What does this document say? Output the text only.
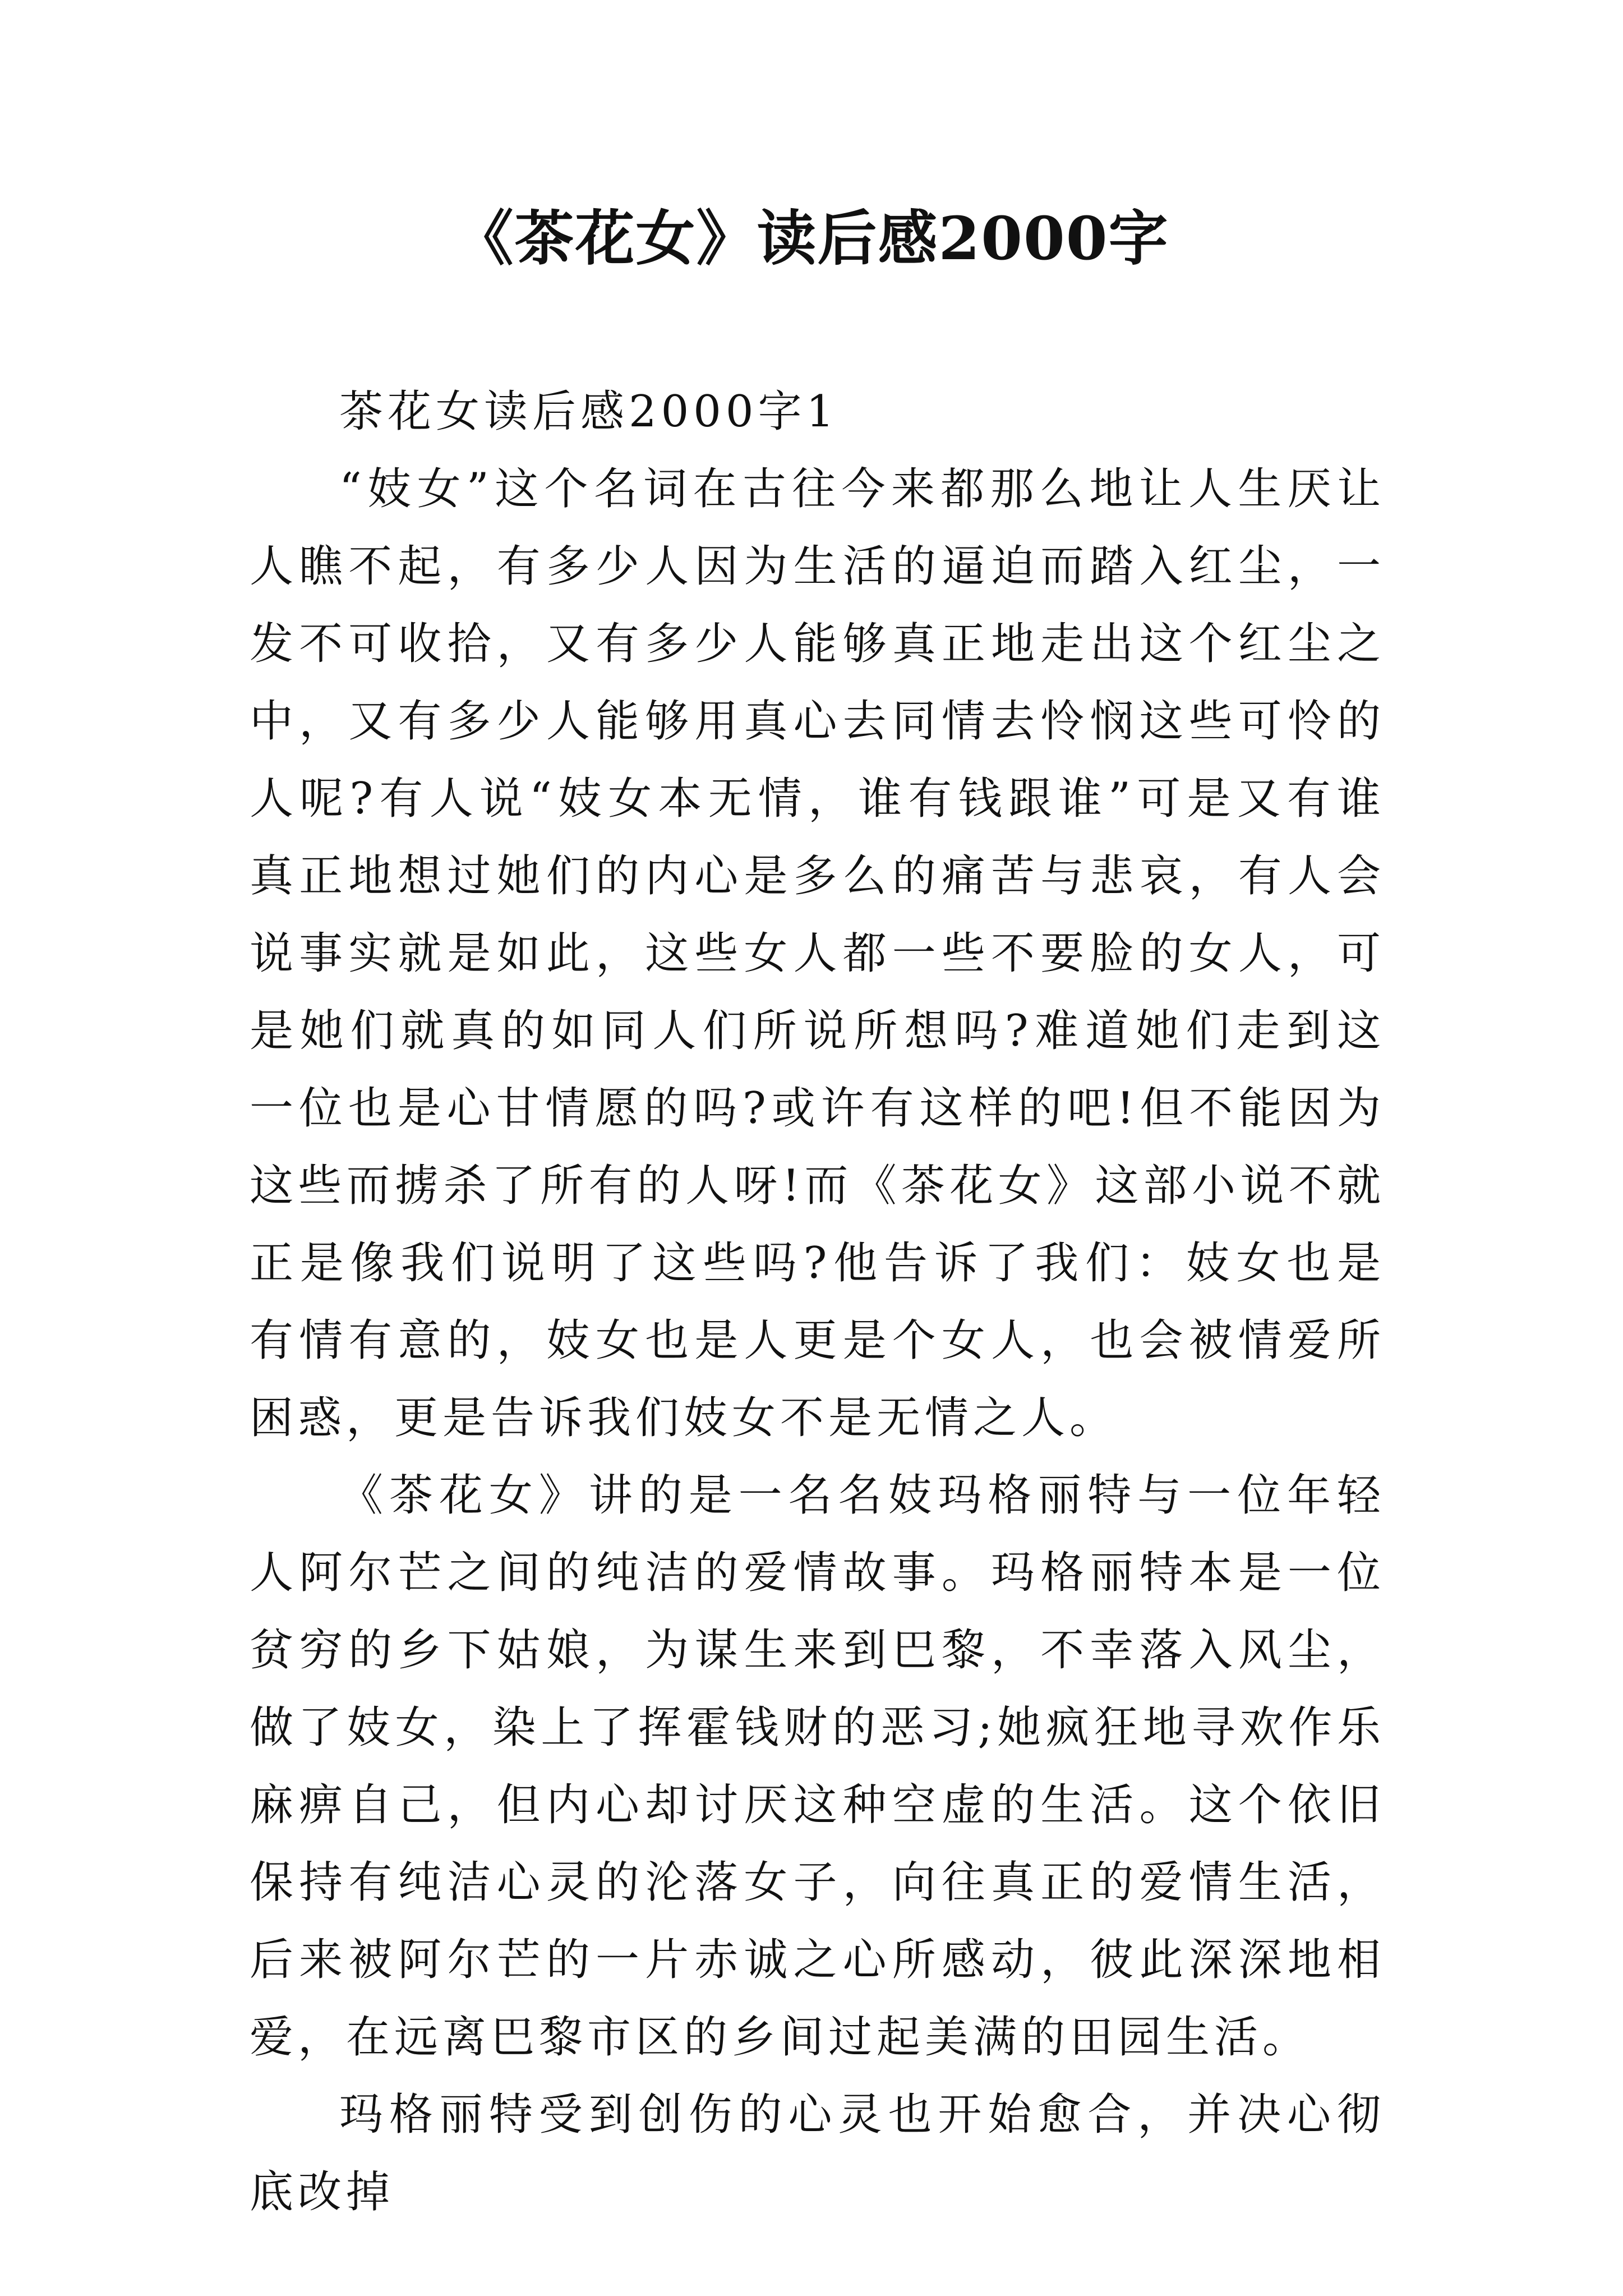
《茶花女》读后感2000字
茶花女读后感2000字1

“妓女”这个名词在古往今来都那么地让人生厌让人瞧不起，有多少人因为生活的逼迫而踏入红尘，一发不可收拾，又有多少人能够真正地走出这个红尘之中，又有多少人能够用真心去同情去怜悯这些可怜的人呢?有人说“妓女本无情，谁有钱跟谁”可是又有谁真正地想过她们的内心是多么的痛苦与悲哀，有人会说事实就是如此，这些女人都一些不要脸的女人，可是她们就真的如同人们所说所想吗?难道她们走到这一位也是心甘情愿的吗?或许有这样的吧!但不能因为这些而掳杀了所有的人呀!而《茶花女》这部小说不就正是像我们说明了这些吗?他告诉了我们：妓女也是有情有意的，妓女也是人更是个女人，也会被情爱所困惑，更是告诉我们妓女不是无情之人。

《茶花女》讲的是一名名妓玛格丽特与一位年轻人阿尔芒之间的纯洁的爱情故事。玛格丽特本是一位贫穷的乡下姑娘，为谋生来到巴黎，不幸落入风尘，做了妓女，染上了挥霍钱财的恶习;她疯狂地寻欢作乐麻痹自己，但内心却讨厌这种空虚的生活。这个依旧保持有纯洁心灵的沦落女子，向往真正的爱情生活，后来被阿尔芒的一片赤诚之心所感动，彼此深深地相爱，在远离巴黎市区的乡间过起美满的田园生活。

玛格丽特受到创伤的心灵也开始愈合，并决心彻底改掉
